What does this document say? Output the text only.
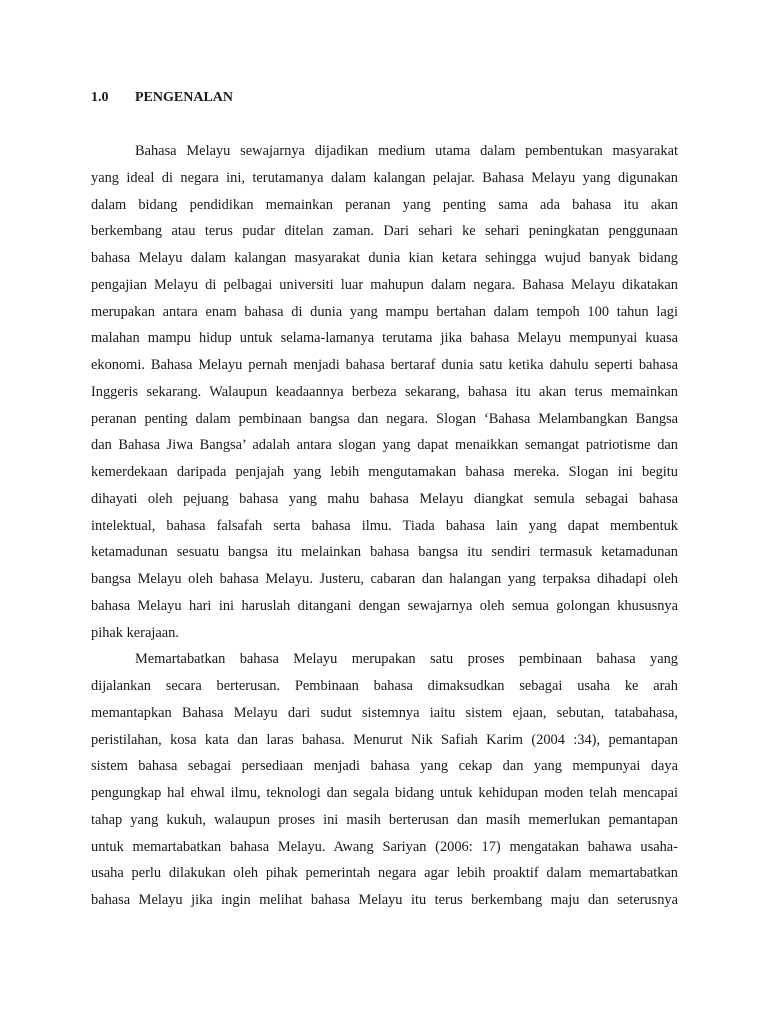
1.0 PENGENALAN
Bahasa Melayu sewajarnya dijadikan medium utama dalam pembentukan masyarakat
yang ideal di negara ini, terutamanya dalam kalangan pelajar. Bahasa Melayu yang digunakan
dalam bidang pendidikan memainkan peranan yang penting sama ada bahasa itu akan
berkembang atau terus pudar ditelan zaman. Dari sehari ke sehari peningkatan penggunaan
bahasa Melayu dalam kalangan masyarakat dunia kian ketara sehingga wujud banyak bidang
pengajian Melayu di pelbagai universiti luar mahupun dalam negara. Bahasa Melayu dikatakan
merupakan antara enam bahasa di dunia yang mampu bertahan dalam tempoh 100 tahun lagi
malahan mampu hidup untuk selama-lamanya terutama jika bahasa Melayu mempunyai kuasa
ekonomi. Bahasa Melayu pernah menjadi bahasa bertaraf dunia satu ketika dahulu seperti bahasa
Inggeris sekarang. Walaupun keadaannya berbeza sekarang, bahasa itu akan terus memainkan
peranan penting dalam pembinaan bangsa dan negara. Slogan ‘Bahasa Melambangkan Bangsa
dan Bahasa Jiwa Bangsa’ adalah antara slogan yang dapat menaikkan semangat patriotisme dan
kemerdekaan daripada penjajah yang lebih mengutamakan bahasa mereka. Slogan ini begitu
dihayati oleh pejuang bahasa yang mahu bahasa Melayu diangkat semula sebagai bahasa
intelektual, bahasa falsafah serta bahasa ilmu. Tiada bahasa lain yang dapat membentuk
ketamadunan sesuatu bangsa itu melainkan bahasa bangsa itu sendiri termasuk ketamadunan
bangsa Melayu oleh bahasa Melayu. Justeru, cabaran dan halangan yang terpaksa dihadapi oleh
bahasa Melayu hari ini haruslah ditangani dengan sewajarnya oleh semua golongan khususnya
pihak kerajaan.
Memartabatkan bahasa Melayu merupakan satu proses pembinaan bahasa yang
dijalankan secara berterusan. Pembinaan bahasa dimaksudkan sebagai usaha ke arah
memantapkan Bahasa Melayu dari sudut sistemnya iaitu sistem ejaan, sebutan, tatabahasa,
peristilahan, kosa kata dan laras bahasa. Menurut Nik Safiah Karim (2004 :34), pemantapan
sistem bahasa sebagai persediaan menjadi bahasa yang cekap dan yang mempunyai daya
pengungkap hal ehwal ilmu, teknologi dan segala bidang untuk kehidupan moden telah mencapai
tahap yang kukuh, walaupun proses ini masih berterusan dan masih memerlukan pemantapan
untuk memartabatkan bahasa Melayu. Awang Sariyan (2006: 17) mengatakan bahawa usaha-
usaha perlu dilakukan oleh pihak pemerintah negara agar lebih proaktif dalam memartabatkan
bahasa Melayu jika ingin melihat bahasa Melayu itu terus berkembang maju dan seterusnya
